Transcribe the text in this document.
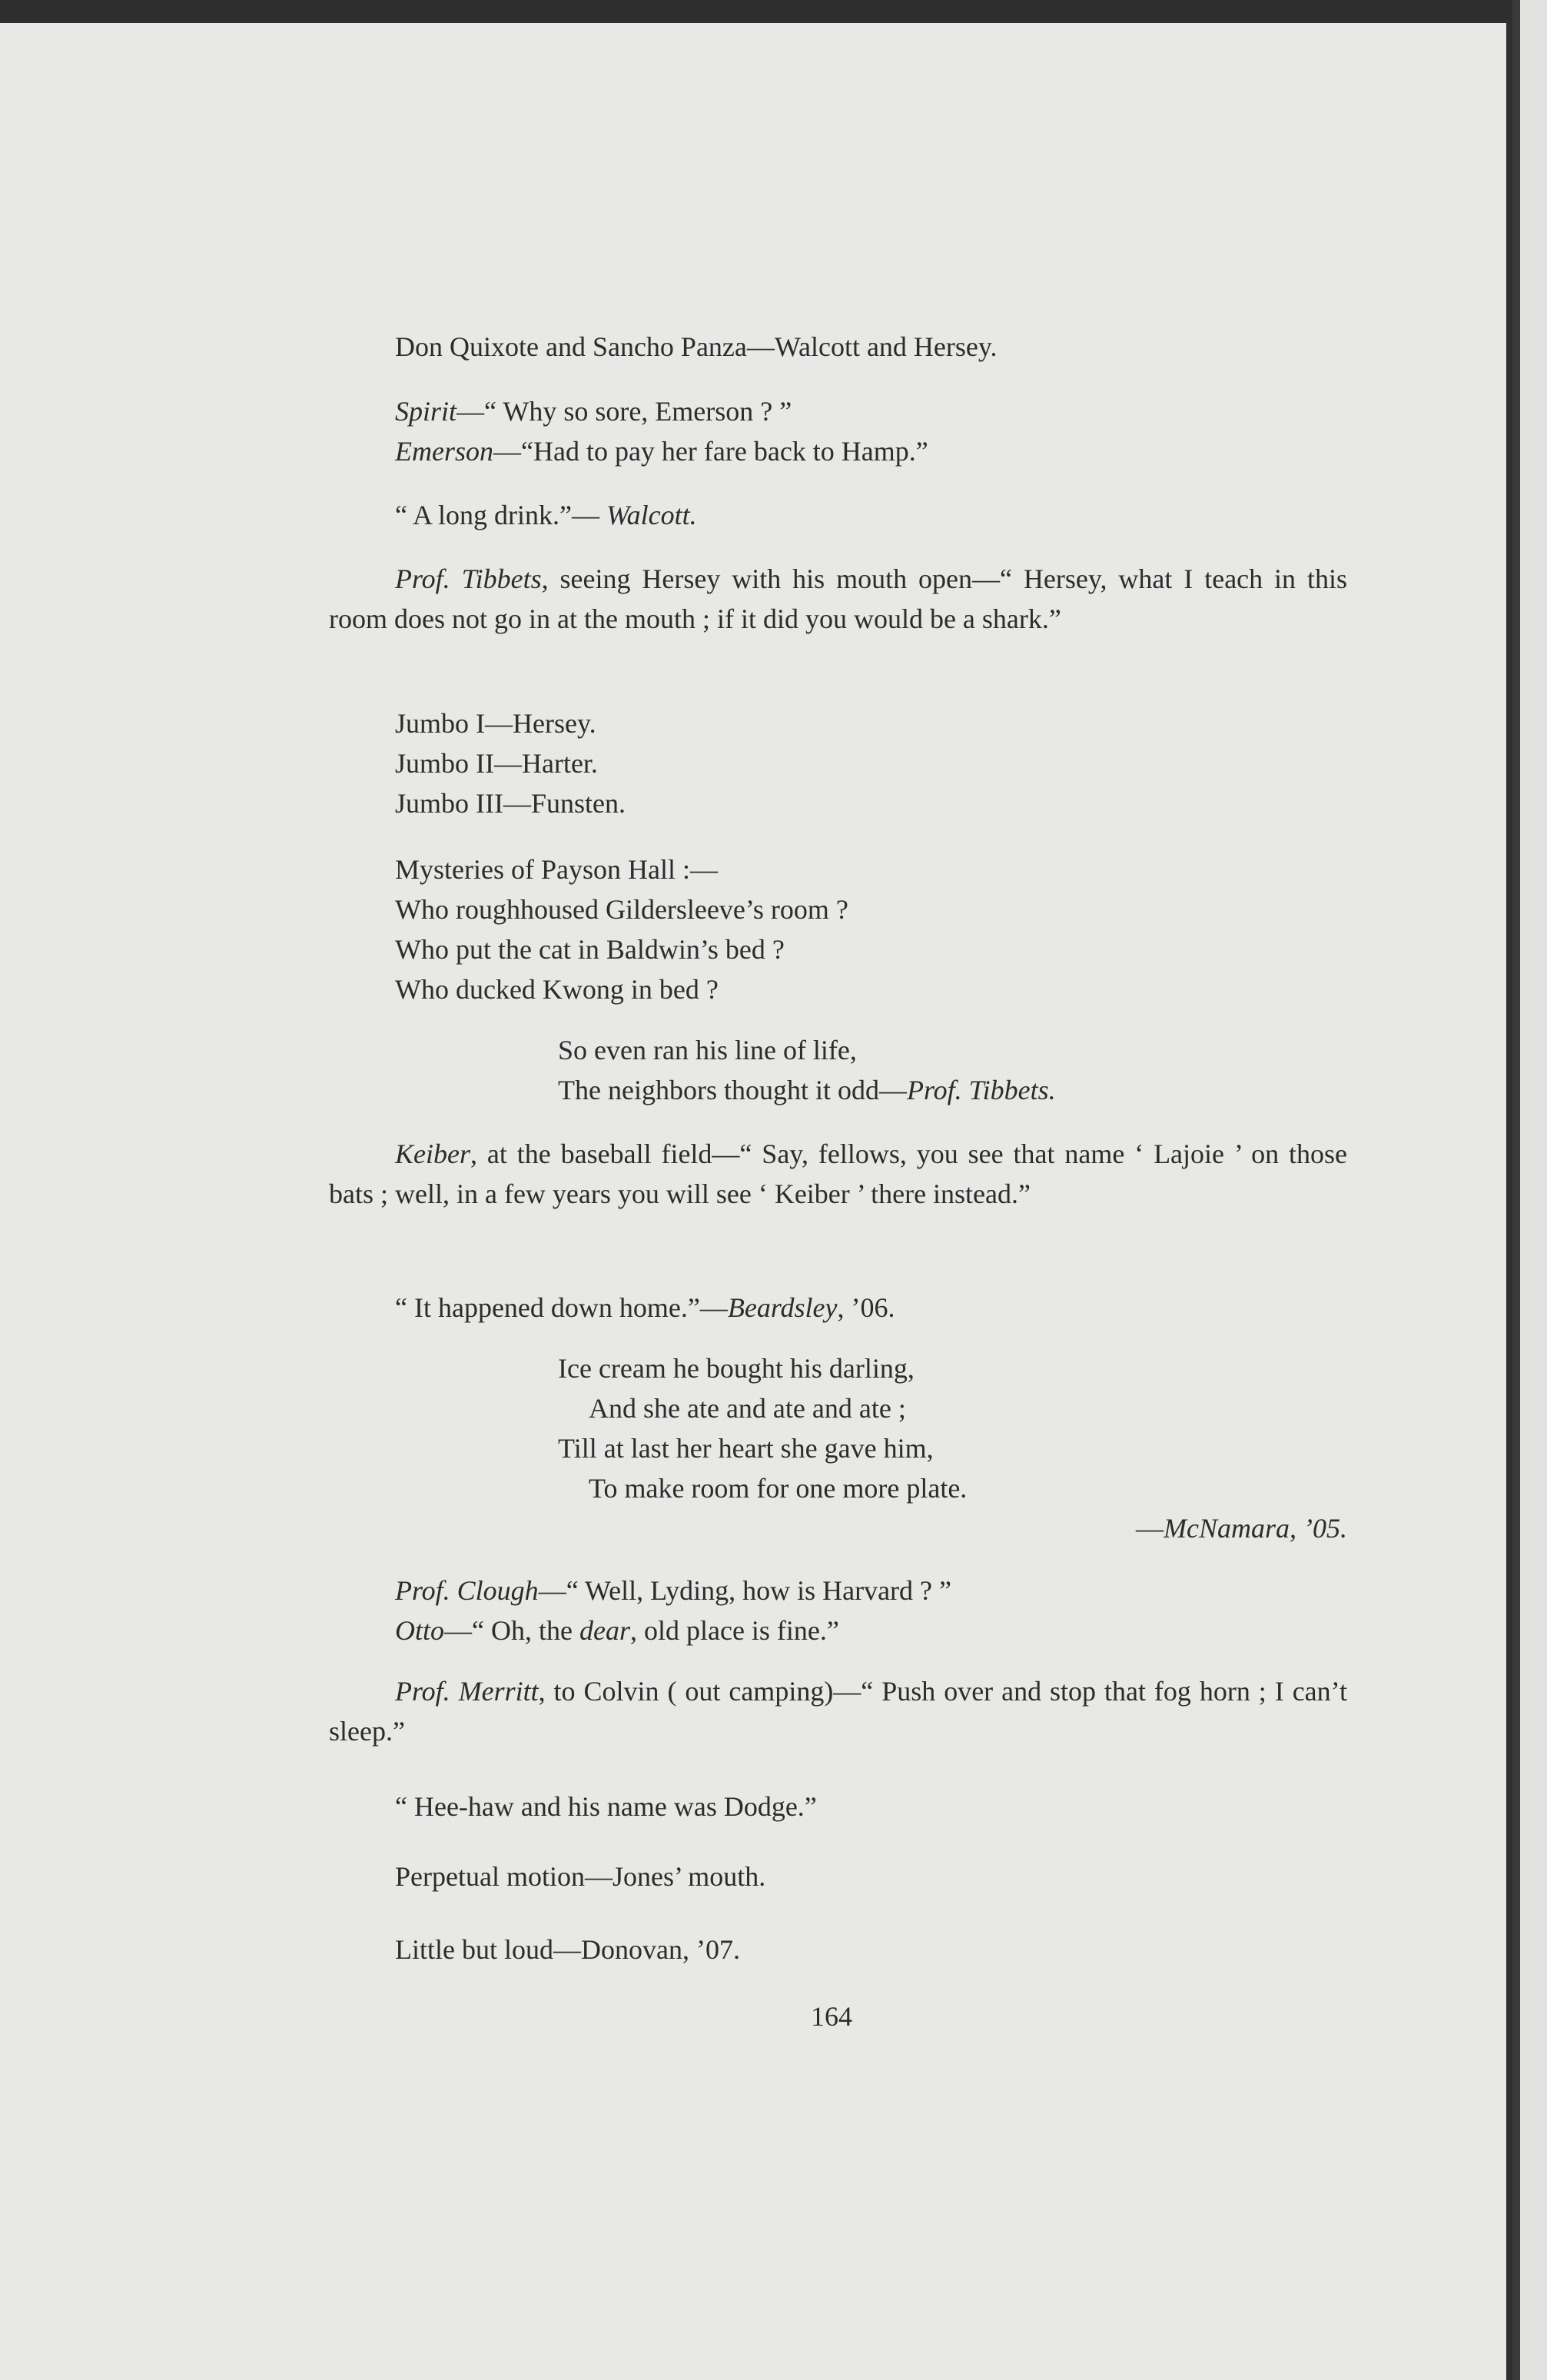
Don Quixote and Sancho Panza—Walcott and Hersey.

Spirit—“ Why so sore, Emerson ? ”

Emerson—“Had to pay her fare back to Hamp.”

“ A long drink.”— Walcott.

Prof. Tibbets, seeing Hersey with his mouth open—“ Hersey, what I teach in this room does not go in at the mouth ; if it did you would be a shark.”

Jumbo I—Hersey.

Jumbo II—Harter.

Jumbo III—Funsten.

Mysteries of Payson Hall :—

Who roughhoused Gildersleeve’s room ?

Who put the cat in Baldwin’s bed ?

Who ducked Kwong in bed ?

So even ran his line of life,

The neighbors thought it odd—Prof. Tibbets.

Keiber, at the baseball field—“ Say, fellows, you see that name ‘ Lajoie ’ on those bats ; well, in a few years you will see ‘ Keiber ’ there instead.”

“ It happened down home.”—Beardsley, ’06.

Ice cream he bought his darling,

And she ate and ate and ate ;

Till at last her heart she gave him,

To make room for one more plate.

—McNamara, ’05.

Prof. Clough—“ Well, Lyding, how is Harvard ? ”

Otto—“ Oh, the dear, old place is fine.”

Prof. Merritt, to Colvin ( out camping)—“ Push over and stop that fog horn ; I can’t sleep.”

“ Hee-haw and his name was Dodge.”

Perpetual motion—Jones’ mouth.

Little but loud—Donovan, ’07.

164
